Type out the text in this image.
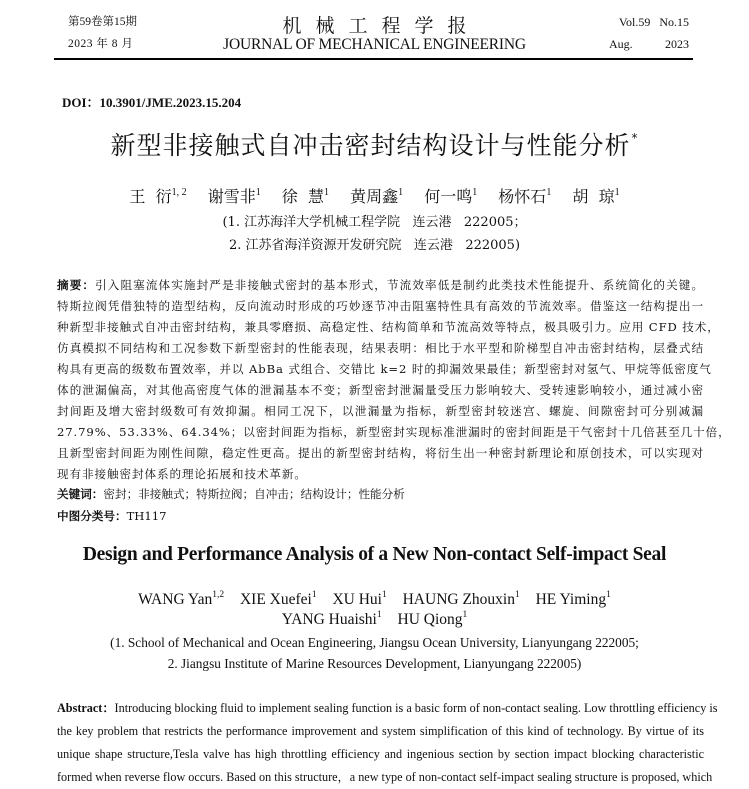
第59卷第15期
2023 年 8 月
机械工程学报
JOURNAL OF MECHANICAL ENGINEERING
Vol.59   No.15
Aug.	2023
DOI：10.3901/JME.2023.15.204
新型非接触式自冲击密封结构设计与性能分析*
王  衍$^{1, 2}$ 谢雪非$^1$ 徐  慧$^1$ 黄周鑫$^1$ 何一鸣$^1$ 杨怀石$^1$ 胡  琼$^1$
(1. 江苏海洋大学机械工程学院   连云港   222005；
2. 江苏省海洋资源开发研究院   连云港   222005)
摘要：引入阻塞流体实施封严是非接触式密封的基本形式，节流效率低是制约此类技术性能提升、系统简化的关键。
特斯拉阀凭借独特的造型结构，反向流动时形成的巧妙逐节冲击阻塞特性具有高效的节流效率。借鉴这一结构提出一
种新型非接触式自冲击密封结构，兼具零磨损、高稳定性、结构简单和节流高效等特点，极具吸引力。应用 CFD 技术，
仿真模拟不同结构和工况参数下新型密封的性能表现，结果表明：相比于水平型和阶梯型自冲击密封结构，层叠式结
构具有更高的级数布置效率，并以 AbBa 式组合、交错比 k=2 时的抑漏效果最佳；新型密封对氢气、甲烷等低密度气
体的泄漏偏高，对其他高密度气体的泄漏基本不变；新型密封泄漏量受压力影响较大、受转速影响较小，通过减小密
封间距及增大密封级数可有效抑漏。相同工况下，以泄漏量为指标，新型密封较迷宫、螺旋、间隙密封可分别减漏
27.79%、53.33%、64.34%；以密封间距为指标，新型密封实现标准泄漏时的密封间距是干气密封十几倍甚至几十倍，
且新型密封间距为刚性间隙，稳定性更高。提出的新型密封结构，将衍生出一种密封新理论和原创技术，可以实现对
现有非接触密封体系的理论拓展和技术革新。
关键词：密封；非接触式；特斯拉阀；自冲击；结构设计；性能分析
中图分类号：TH117
Design and Performance Analysis of a New Non-contact Self-impact Seal
WANG Yan$^{1,2}$ XIE Xuefei$^1$ XU Hui$^1$ HAUNG Zhouxin$^1$ HE Yiming$^1$
YANG Huaishi$^1$ HU Qiong$^1$
(1. School of Mechanical and Ocean Engineering, Jiangsu Ocean University, Lianyungang 222005;
2. Jiangsu Institute of Marine Resources Development, Lianyungang 222005)
Abstract：Introducing blocking fluid to implement sealing function is a basic form of non-contact sealing. Low throttling efficiency is
the key problem that restricts the performance improvement and system simplification of this kind of technology. By virtue of its
unique shape structure,Tesla valve has high throttling efficiency and ingenious section by section impact blocking characteristic
formed when reverse flow occurs. Based on this structure，a new type of non-contact self-impact sealing structure is proposed, which
